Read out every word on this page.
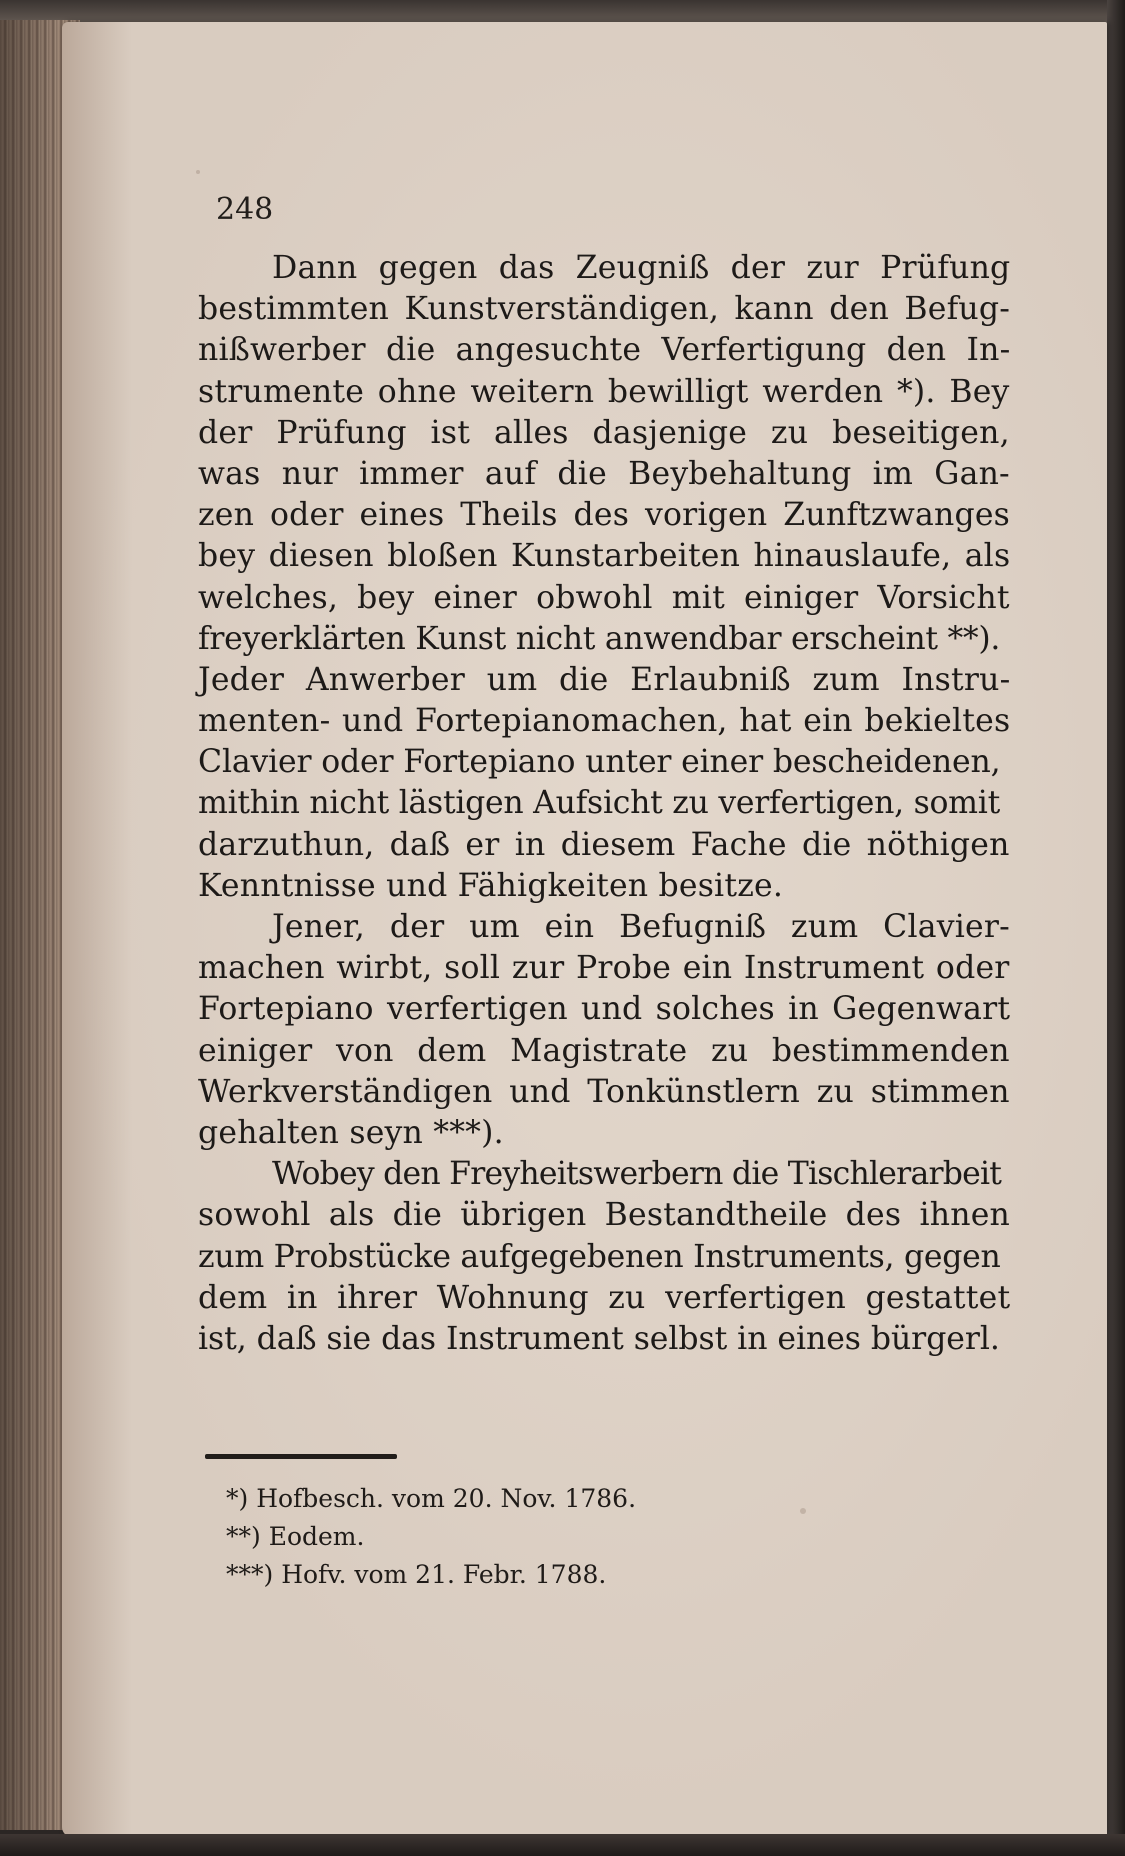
248
Dann gegen das Zeugniß der zur Prüfung
bestimmten Kunstverständigen, kann den Befug-
nißwerber die angesuchte Verfertigung den In-
strumente ohne weitern bewilligt werden *). Bey
der Prüfung ist alles dasjenige zu beseitigen,
was nur immer auf die Beybehaltung im Gan-
zen oder eines Theils des vorigen Zunftzwanges
bey diesen bloßen Kunstarbeiten hinauslaufe, als
welches, bey einer obwohl mit einiger Vorsicht
freyerklärten Kunst nicht anwendbar erscheint **).
Jeder Anwerber um die Erlaubniß zum Instru-
menten- und Fortepianomachen, hat ein bekieltes
Clavier oder Fortepiano unter einer bescheidenen,
mithin nicht lästigen Aufsicht zu verfertigen, somit
darzuthun, daß er in diesem Fache die nöthigen
Kenntnisse und Fähigkeiten besitze.
Jener, der um ein Befugniß zum Clavier-
machen wirbt, soll zur Probe ein Instrument oder
Fortepiano verfertigen und solches in Gegenwart
einiger von dem Magistrate zu bestimmenden
Werkverständigen und Tonkünstlern zu stimmen
gehalten seyn ***).
Wobey den Freyheitswerbern die Tischlerarbeit
sowohl als die übrigen Bestandtheile des ihnen
zum Probstücke aufgegebenen Instruments, gegen
dem in ihrer Wohnung zu verfertigen gestattet
ist, daß sie das Instrument selbst in eines bürgerl.
*) Hofbesch. vom 20. Nov. 1786.
**) Eodem.
***) Hofv. vom 21. Febr. 1788.
